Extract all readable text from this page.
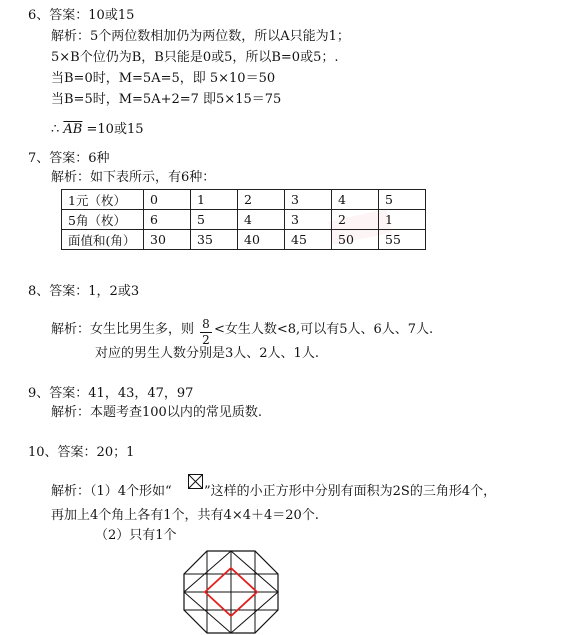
6、答案：10或15
解析：5个两位数相加仍为两位数，所以A只能为1；
5×B个位仍为B，B只能是0或5，所以B=0或5；.
当B=0时，M=5A=5，即 5×10＝50
当B=5时，M=5A+2=7 即5×15＝75
∴ $\overline{AB} =10$或15
7、答案：6种
解析：如下表所示，有6种：
1元（枚）	0	1	2	3	4	5
5角（枚）	6	5	4	3	2	1
面值和(角）	30	35	40	45	50	55
8、答案：1，2或3
解析：女生比男生多，则 8
2
<女生人数<8,可以有5人、6人、7人.
对应的男生人数分别是3人、2人、1人.
9、答案：41，43，47，97
解析：本题考查100以内的常见质数.
10、答案：20；1
解析：（1）4个形如“ ”这样的小正方形中分别有面积为2S的三角形4个，
再加上4个角上各有1个，共有4×4＋4＝20个.
（2）只有1个
